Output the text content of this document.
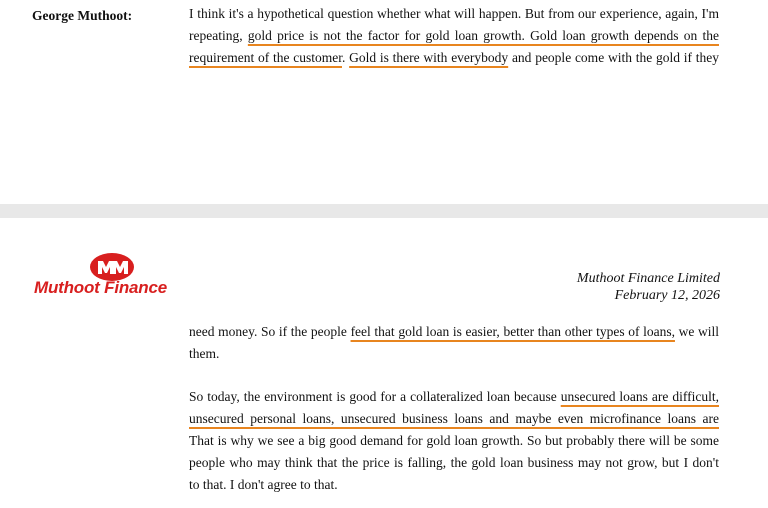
George Muthoot:	I think it's a hypothetical question whether what will happen. But from our experience, again, I'm
repeating, gold price is not the factor for gold loan growth. Gold loan growth depends on the
requirement of the customer. Gold is there with everybody and people come with the gold if they
Muthoot Finance	Muthoot Finance Limited
February 12, 2026
need money. So if the people feel that gold loan is easier, better than other types of loans, we will
them.
So today, the environment is good for a collateralized loan because unsecured loans are difficult,
unsecured personal loans, unsecured business loans and maybe even microfinance loans are
That is why we see a big good demand for gold loan growth. So but probably there will be some
people who may think that the price is falling, the gold loan business may not grow, but I don't
to that. I don't agree to that.
